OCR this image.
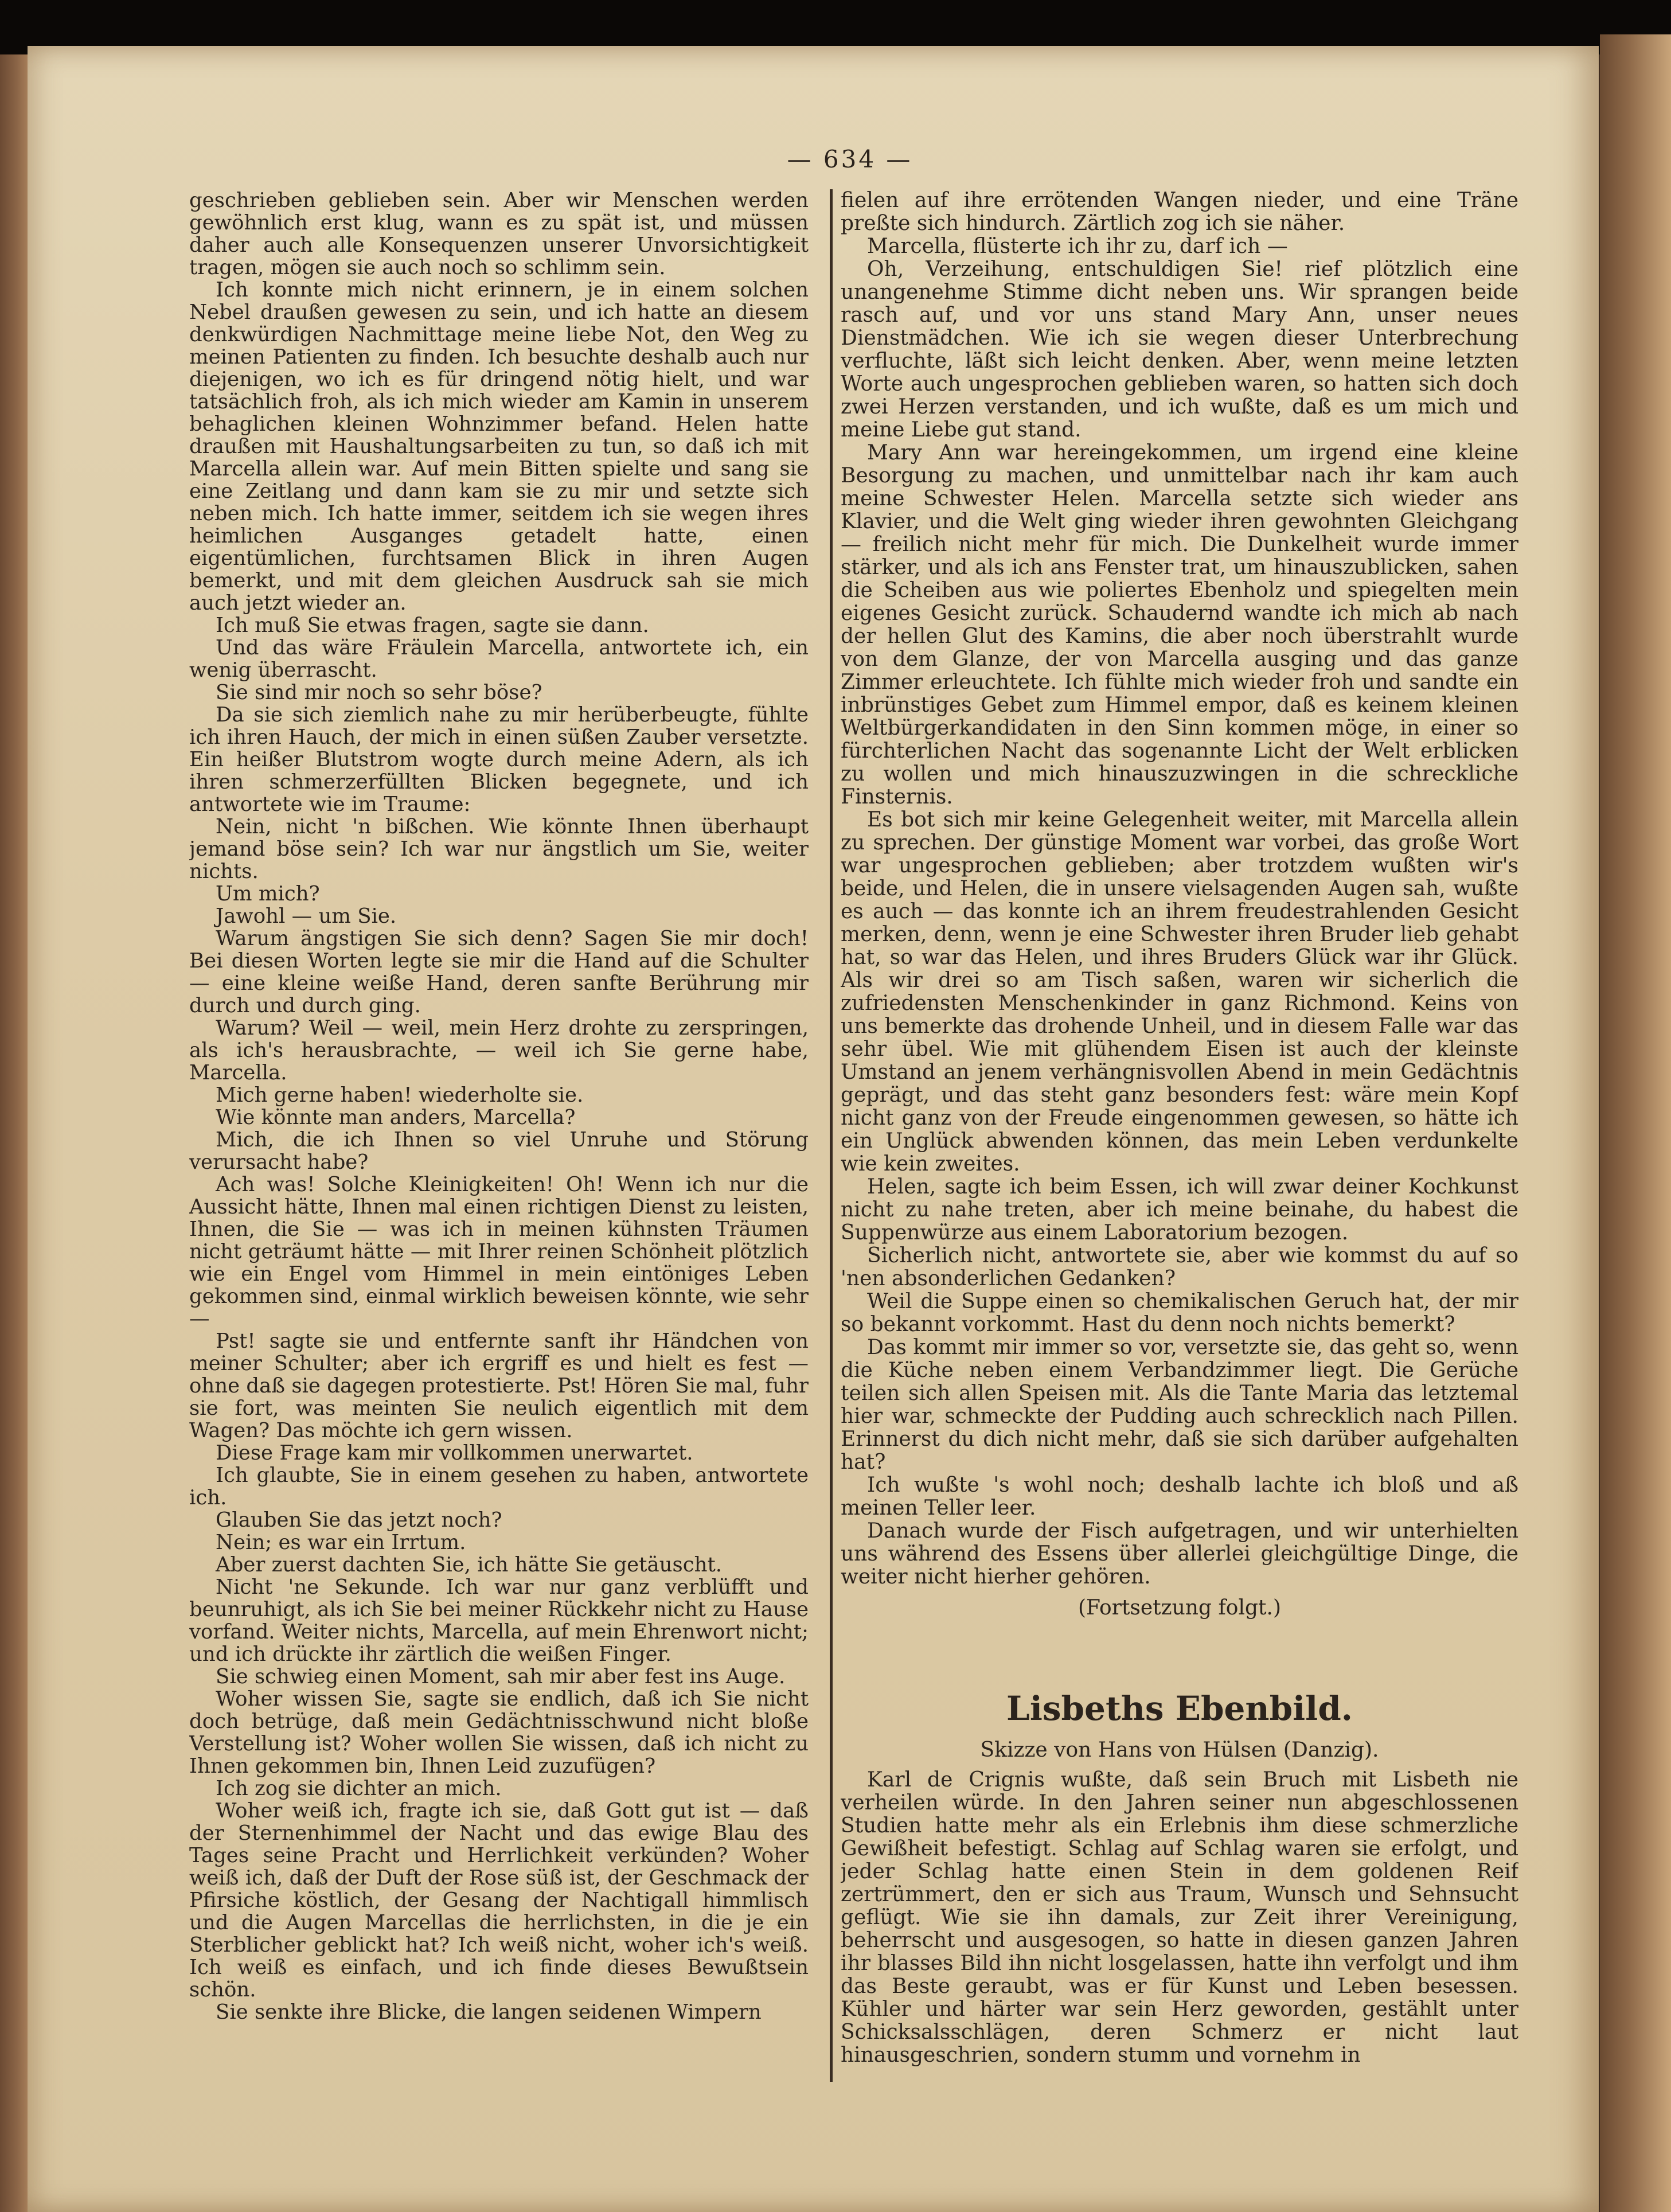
— 634 —

geschrieben geblieben sein. Aber wir Menschen werden gewöhnlich erst klug, wann es zu spät ist, und müssen daher auch alle Konsequenzen unserer Unvorsichtigkeit tragen, mögen sie auch noch so schlimm sein.

Ich konnte mich nicht erinnern, je in einem solchen Nebel draußen gewesen zu sein, und ich hatte an diesem denkwürdigen Nachmittage meine liebe Not, den Weg zu meinen Patienten zu finden. Ich besuchte deshalb auch nur diejenigen, wo ich es für dringend nötig hielt, und war tatsächlich froh, als ich mich wieder am Kamin in unserem behaglichen kleinen Wohnzimmer befand. Helen hatte draußen mit Haushaltungsarbeiten zu tun, so daß ich mit Marcella allein war. Auf mein Bitten spielte und sang sie eine Zeitlang und dann kam sie zu mir und setzte sich neben mich. Ich hatte immer, seitdem ich sie wegen ihres heimlichen Ausganges getadelt hatte, einen eigentümlichen, furchtsamen Blick in ihren Augen bemerkt, und mit dem gleichen Ausdruck sah sie mich auch jetzt wieder an.

Ich muß Sie etwas fragen, sagte sie dann.

Und das wäre Fräulein Marcella, antwortete ich, ein wenig überrascht.

Sie sind mir noch so sehr böse?

Da sie sich ziemlich nahe zu mir herüberbeugte, fühlte ich ihren Hauch, der mich in einen süßen Zauber versetzte. Ein heißer Blutstrom wogte durch meine Adern, als ich ihren schmerzerfüllten Blicken begegnete, und ich antwortete wie im Traume:

Nein, nicht 'n bißchen. Wie könnte Ihnen überhaupt jemand böse sein? Ich war nur ängstlich um Sie, weiter nichts.

Um mich?

Jawohl — um Sie.

Warum ängstigen Sie sich denn? Sagen Sie mir doch! Bei diesen Worten legte sie mir die Hand auf die Schulter — eine kleine weiße Hand, deren sanfte Berührung mir durch und durch ging.

Warum? Weil — weil, mein Herz drohte zu zerspringen, als ich's herausbrachte, — weil ich Sie gerne habe, Marcella.

Mich gerne haben! wiederholte sie.

Wie könnte man anders, Marcella?

Mich, die ich Ihnen so viel Unruhe und Störung verursacht habe?

Ach was! Solche Kleinigkeiten! Oh! Wenn ich nur die Aussicht hätte, Ihnen mal einen richtigen Dienst zu leisten, Ihnen, die Sie — was ich in meinen kühnsten Träumen nicht geträumt hätte — mit Ihrer reinen Schönheit plötzlich wie ein Engel vom Himmel in mein eintöniges Leben gekommen sind, einmal wirklich beweisen könnte, wie sehr —

Pst! sagte sie und entfernte sanft ihr Händchen von meiner Schulter; aber ich ergriff es und hielt es fest — ohne daß sie dagegen protestierte. Pst! Hören Sie mal, fuhr sie fort, was meinten Sie neulich eigentlich mit dem Wagen? Das möchte ich gern wissen.

Diese Frage kam mir vollkommen unerwartet.

Ich glaubte, Sie in einem gesehen zu haben, antwortete ich.

Glauben Sie das jetzt noch?

Nein; es war ein Irrtum.

Aber zuerst dachten Sie, ich hätte Sie getäuscht.

Nicht 'ne Sekunde. Ich war nur ganz verblüfft und beunruhigt, als ich Sie bei meiner Rückkehr nicht zu Hause vorfand. Weiter nichts, Marcella, auf mein Ehrenwort nicht; und ich drückte ihr zärtlich die weißen Finger.

Sie schwieg einen Moment, sah mir aber fest ins Auge.

Woher wissen Sie, sagte sie endlich, daß ich Sie nicht doch betrüge, daß mein Gedächtnisschwund nicht bloße Verstellung ist? Woher wollen Sie wissen, daß ich nicht zu Ihnen gekommen bin, Ihnen Leid zuzufügen?

Ich zog sie dichter an mich.

Woher weiß ich, fragte ich sie, daß Gott gut ist — daß der Sternenhimmel der Nacht und das ewige Blau des Tages seine Pracht und Herrlichkeit verkünden? Woher weiß ich, daß der Duft der Rose süß ist, der Geschmack der Pfirsiche köstlich, der Gesang der Nachtigall himmlisch und die Augen Marcellas die herrlichsten, in die je ein Sterblicher geblickt hat? Ich weiß nicht, woher ich's weiß. Ich weiß es einfach, und ich finde dieses Bewußtsein schön.

Sie senkte ihre Blicke, die langen seidenen Wimpern

fielen auf ihre errötenden Wangen nieder, und eine Träne preßte sich hindurch. Zärtlich zog ich sie näher.

Marcella, flüsterte ich ihr zu, darf ich —

Oh, Verzeihung, entschuldigen Sie! rief plötzlich eine unangenehme Stimme dicht neben uns. Wir sprangen beide rasch auf, und vor uns stand Mary Ann, unser neues Dienstmädchen. Wie ich sie wegen dieser Unterbrechung verfluchte, läßt sich leicht denken. Aber, wenn meine letzten Worte auch ungesprochen geblieben waren, so hatten sich doch zwei Herzen verstanden, und ich wußte, daß es um mich und meine Liebe gut stand.

Mary Ann war hereingekommen, um irgend eine kleine Besorgung zu machen, und unmittelbar nach ihr kam auch meine Schwester Helen. Marcella setzte sich wieder ans Klavier, und die Welt ging wieder ihren gewohnten Gleichgang — freilich nicht mehr für mich. Die Dunkelheit wurde immer stärker, und als ich ans Fenster trat, um hinauszublicken, sahen die Scheiben aus wie poliertes Ebenholz und spiegelten mein eigenes Gesicht zurück. Schaudernd wandte ich mich ab nach der hellen Glut des Kamins, die aber noch überstrahlt wurde von dem Glanze, der von Marcella ausging und das ganze Zimmer erleuchtete. Ich fühlte mich wieder froh und sandte ein inbrünstiges Gebet zum Himmel empor, daß es keinem kleinen Weltbürgerkandidaten in den Sinn kommen möge, in einer so fürchterlichen Nacht das sogenannte Licht der Welt erblicken zu wollen und mich hinauszuzwingen in die schreckliche Finsternis.

Es bot sich mir keine Gelegenheit weiter, mit Marcella allein zu sprechen. Der günstige Moment war vorbei, das große Wort war ungesprochen geblieben; aber trotzdem wußten wir's beide, und Helen, die in unsere vielsagenden Augen sah, wußte es auch — das konnte ich an ihrem freudestrahlenden Gesicht merken, denn, wenn je eine Schwester ihren Bruder lieb gehabt hat, so war das Helen, und ihres Bruders Glück war ihr Glück. Als wir drei so am Tisch saßen, waren wir sicherlich die zufriedensten Menschenkinder in ganz Richmond. Keins von uns bemerkte das drohende Unheil, und in diesem Falle war das sehr übel. Wie mit glühendem Eisen ist auch der kleinste Umstand an jenem verhängnisvollen Abend in mein Gedächtnis geprägt, und das steht ganz besonders fest: wäre mein Kopf nicht ganz von der Freude eingenommen gewesen, so hätte ich ein Unglück abwenden können, das mein Leben verdunkelte wie kein zweites.

Helen, sagte ich beim Essen, ich will zwar deiner Kochkunst nicht zu nahe treten, aber ich meine beinahe, du habest die Suppenwürze aus einem Laboratorium bezogen.

Sicherlich nicht, antwortete sie, aber wie kommst du auf so 'nen absonderlichen Gedanken?

Weil die Suppe einen so chemikalischen Geruch hat, der mir so bekannt vorkommt. Hast du denn noch nichts bemerkt?

Das kommt mir immer so vor, versetzte sie, das geht so, wenn die Küche neben einem Verbandzimmer liegt. Die Gerüche teilen sich allen Speisen mit. Als die Tante Maria das letztemal hier war, schmeckte der Pudding auch schrecklich nach Pillen. Erinnerst du dich nicht mehr, daß sie sich darüber aufgehalten hat?

Ich wußte 's wohl noch; deshalb lachte ich bloß und aß meinen Teller leer.

Danach wurde der Fisch aufgetragen, und wir unterhielten uns während des Essens über allerlei gleichgültige Dinge, die weiter nicht hierher gehören.

(Fortsetzung folgt.)

Lisbeths Ebenbild.
Skizze von Hans von Hülsen (Danzig).

Karl de Crignis wußte, daß sein Bruch mit Lisbeth nie verheilen würde. In den Jahren seiner nun abgeschlossenen Studien hatte mehr als ein Erlebnis ihm diese schmerzliche Gewißheit befestigt. Schlag auf Schlag waren sie erfolgt, und jeder Schlag hatte einen Stein in dem goldenen Reif zertrümmert, den er sich aus Traum, Wunsch und Sehnsucht geflügt. Wie sie ihn damals, zur Zeit ihrer Vereinigung, beherrscht und ausgesogen, so hatte in diesen ganzen Jahren ihr blasses Bild ihn nicht losgelassen, hatte ihn verfolgt und ihm das Beste geraubt, was er für Kunst und Leben besessen. Kühler und härter war sein Herz geworden, gestählt unter Schicksalsschlägen, deren Schmerz er nicht laut hinausgeschrien, sondern stumm und vornehm in
